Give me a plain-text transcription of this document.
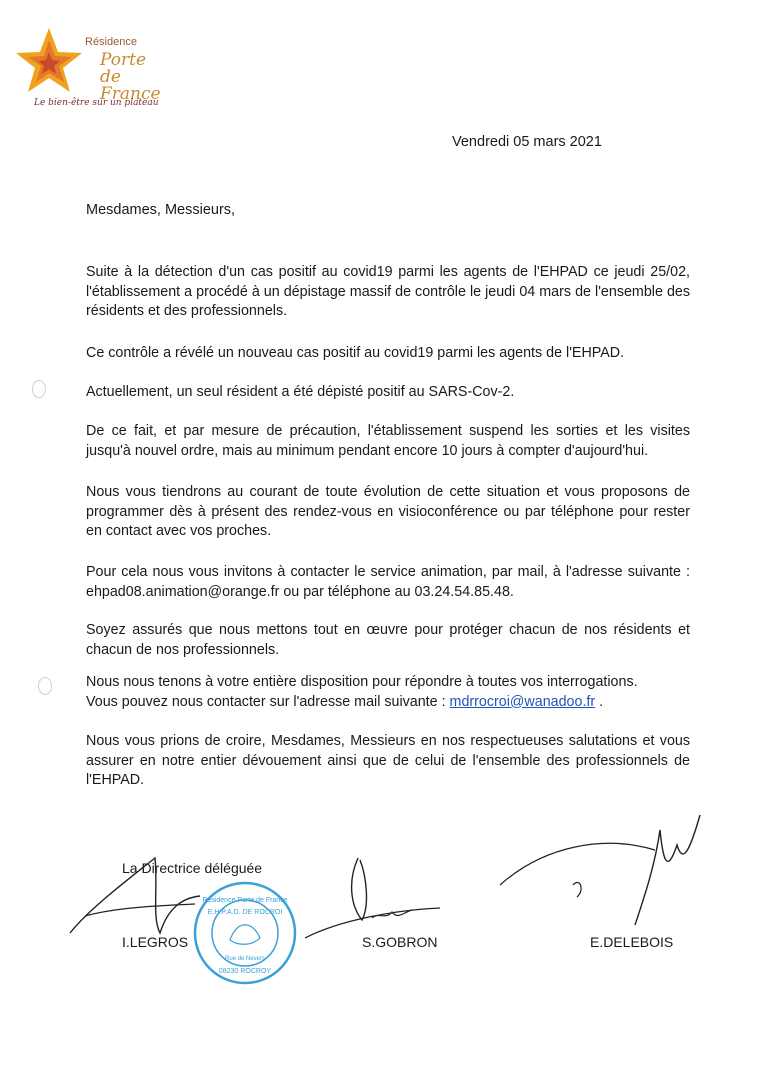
Résidence
Porte de France
Le bien-être sur un plateau
Vendredi 05 mars 2021
Mesdames, Messieurs,
Suite à la détection d'un cas positif au covid19 parmi les agents de l'EHPAD ce jeudi 25/02, l'établissement a procédé à un dépistage massif de contrôle le jeudi 04 mars de l'ensemble des résidents et des professionnels.
Ce contrôle a révélé un nouveau cas positif au covid19 parmi les agents de l'EHPAD.
Actuellement, un seul résident a été dépisté positif au SARS-Cov-2.
De ce fait, et par mesure de précaution, l'établissement suspend les sorties et les visites jusqu'à nouvel ordre, mais au minimum pendant encore 10 jours à compter d'aujourd'hui.
Nous vous tiendrons au courant de toute évolution de cette situation et vous proposons de programmer dès à présent des rendez-vous en visioconférence ou par téléphone pour rester en contact avec vos proches.
Pour cela nous vous invitons à contacter le service animation, par mail, à l'adresse suivante : ehpad08.animation@orange.fr ou par téléphone au 03.24.54.85.48.
Soyez assurés que nous mettons tout en œuvre pour protéger chacun de nos résidents et chacun de nos professionnels.
Nous nous tenons à votre entière disposition pour répondre à toutes vos interrogations.
Vous pouvez nous contacter sur l'adresse mail suivante : mdrrocroi@wanadoo.fr .
Nous vous prions de croire, Mesdames, Messieurs en nos respectueuses salutations et vous assurer en notre entier dévouement ainsi que de celui de l'ensemble des professionnels de l'EHPAD.
La Directrice déléguée
I.LEGROS	S.GOBRON	E.DELEBOIS
Résidence Porte de France
E.H.P.A.D. DE ROCROI
Rue de Nevers
08230 ROCROY
